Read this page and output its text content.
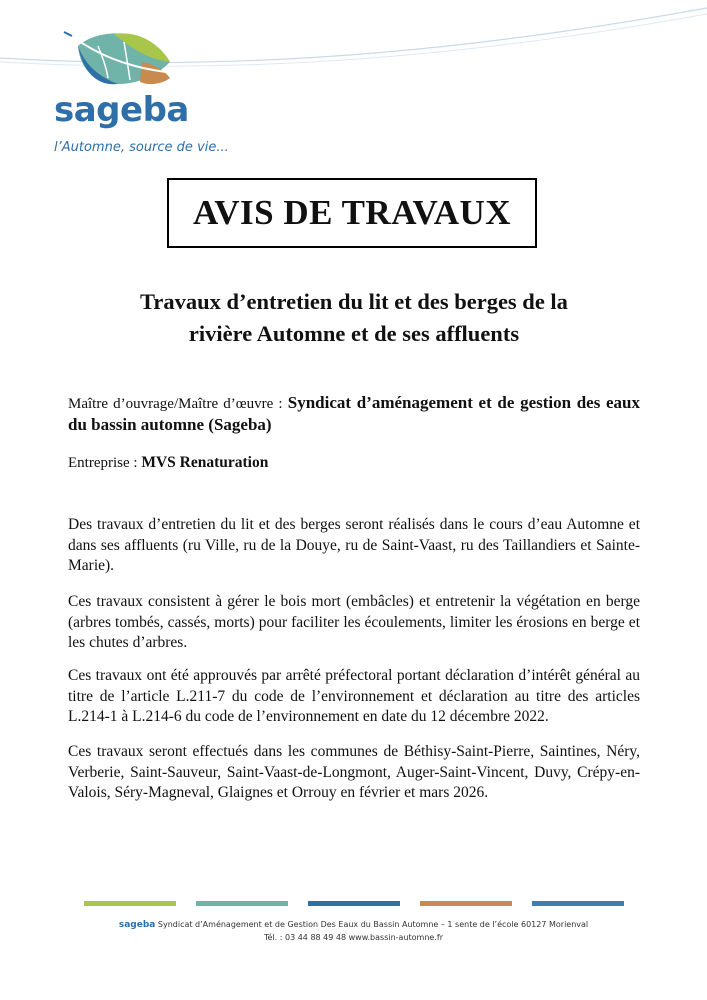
sageba
l’Automne, source de vie...
AVIS DE TRAVAUX
Travaux d’entretien du lit et des berges de la
rivière Automne et de ses affluents
Maître d’ouvrage/Maître d’œuvre : Syndicat d’aménagement et de gestion des eaux du bassin automne (Sageba)
Entreprise : MVS Renaturation
Des travaux d’entretien du lit et des berges seront réalisés dans le cours d’eau Automne et dans ses affluents (ru Ville, ru de la Douye, ru de Saint-Vaast, ru des Taillandiers et Sainte-Marie).
Ces travaux consistent à gérer le bois mort (embâcles) et entretenir la végétation en berge (arbres tombés, cassés, morts) pour faciliter les écoulements, limiter les érosions en berge et les chutes d’arbres.
Ces travaux ont été approuvés par arrêté préfectoral portant déclaration d’intérêt général au titre de l’article L.211-7 du code de l’environnement et déclaration au titre des articles L.214-1 à L.214-6 du code de l’environnement en date du 12 décembre 2022.
Ces travaux seront effectués dans les communes de Béthisy-Saint-Pierre, Saintines, Néry, Verberie, Saint-Sauveur, Saint-Vaast-de-Longmont, Auger-Saint-Vincent, Duvy, Crépy-en-Valois, Séry-Magneval, Glaignes et Orrouy en février et mars 2026.
sageba Syndicat d’Aménagement et de Gestion Des Eaux du Bassin Automne – 1 sente de l’école 60127 Morienval
Tél. : 03 44 88 49 48 www.bassin-automne.fr
